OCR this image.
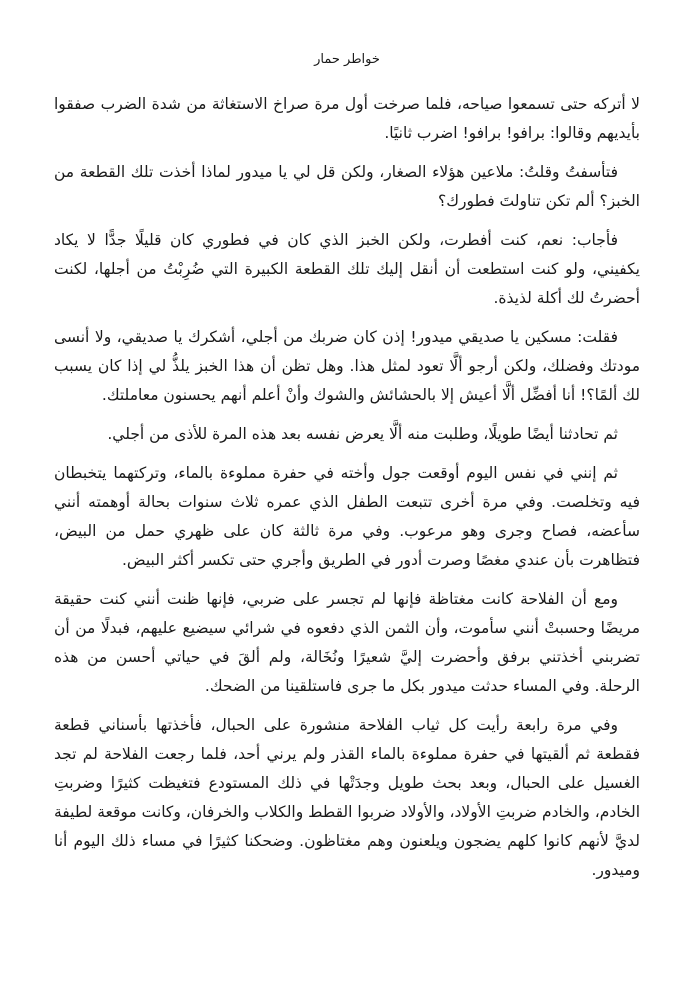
خواطر حمار

لا أتركه حتى تسمعوا صياحه، فلما صرخت أول مرة صراخ الاستغاثة من شدة الضرب صفقوا بأيديهم وقالوا: برافو! برافو! اضرب ثانيًا.

فتأسفتُ وقلتُ: ملاعين هؤلاء الصغار، ولكن قل لي يا ميدور لماذا أخذت تلك القطعة من الخبز؟ ألم تكن تناولتَ فطورك؟

فأجاب: نعم، كنت أفطرت، ولكن الخبز الذي كان في فطوري كان قليلًا جدًّا لا يكاد يكفيني، ولو كنت استطعت أن أنقل إليك تلك القطعة الكبيرة التي ضُرِبْتُ من أجلها، لكنت أحضرتُ لك أكلة لذيذة.

فقلت: مسكين يا صديقي ميدور! إذن كان ضربك من أجلي، أشكرك يا صديقي، ولا أنسى مودتك وفضلك، ولكن أرجو ألَّا تعود لمثل هذا. وهل تظن أن هذا الخبز يلذُّ لي إذا كان يسبب لك ألمًا؟! أنا أفضِّل ألَّا أعيش إلا بالحشائش والشوك وأنْ أعلم أنهم يحسنون معاملتك.

ثم تحادثنا أيضًا طويلًا، وطلبت منه ألَّا يعرض نفسه بعد هذه المرة للأذى من أجلي.

ثم إنني في نفس اليوم أوقعت جول وأخته في حفرة مملوءة بالماء، وتركتهما يتخبطان فيه وتخلصت. وفي مرة أخرى تتبعت الطفل الذي عمره ثلاث سنوات بحالة أوهمته أنني سأعضه، فصاح وجرى وهو مرعوب. وفي مرة ثالثة كان على ظهري حمل من البيض، فتظاهرت بأن عندي مغصًا وصرت أدور في الطريق وأجري حتى تكسر أكثر البيض.

ومع أن الفلاحة كانت مغتاظة فإنها لم تجسر على ضربي، فإنها ظنت أنني كنت حقيقة مريضًا وحسبتْ أنني سأموت، وأن الثمن الذي دفعوه في شرائي سيضيع عليهم، فبدلًا من أن تضربني أخذتني برفق وأحضرت إليَّ شعيرًا ونُخَالة، ولم ألقَ في حياتي أحسن من هذه الرحلة. وفي المساء حدثت ميدور بكل ما جرى فاستلقينا من الضحك.

وفي مرة رابعة رأيت كل ثياب الفلاحة منشورة على الحبال، فأخذتها بأسناني قطعة فقطعة ثم ألقيتها في حفرة مملوءة بالماء القذر ولم يرني أحد، فلما رجعت الفلاحة لم تجد الغسيل على الحبال، وبعد بحث طويل وجدَتْها في ذلك المستودع فتغيظت كثيرًا وضربتِ الخادم، والخادم ضربتِ الأولاد، والأولاد ضربوا القطط والكلاب والخرفان، وكانت موقعة لطيفة لديَّ لأنهم كانوا كلهم يضجون ويلعنون وهم مغتاظون. وضحكنا كثيرًا في مساء ذلك اليوم أنا وميدور.
